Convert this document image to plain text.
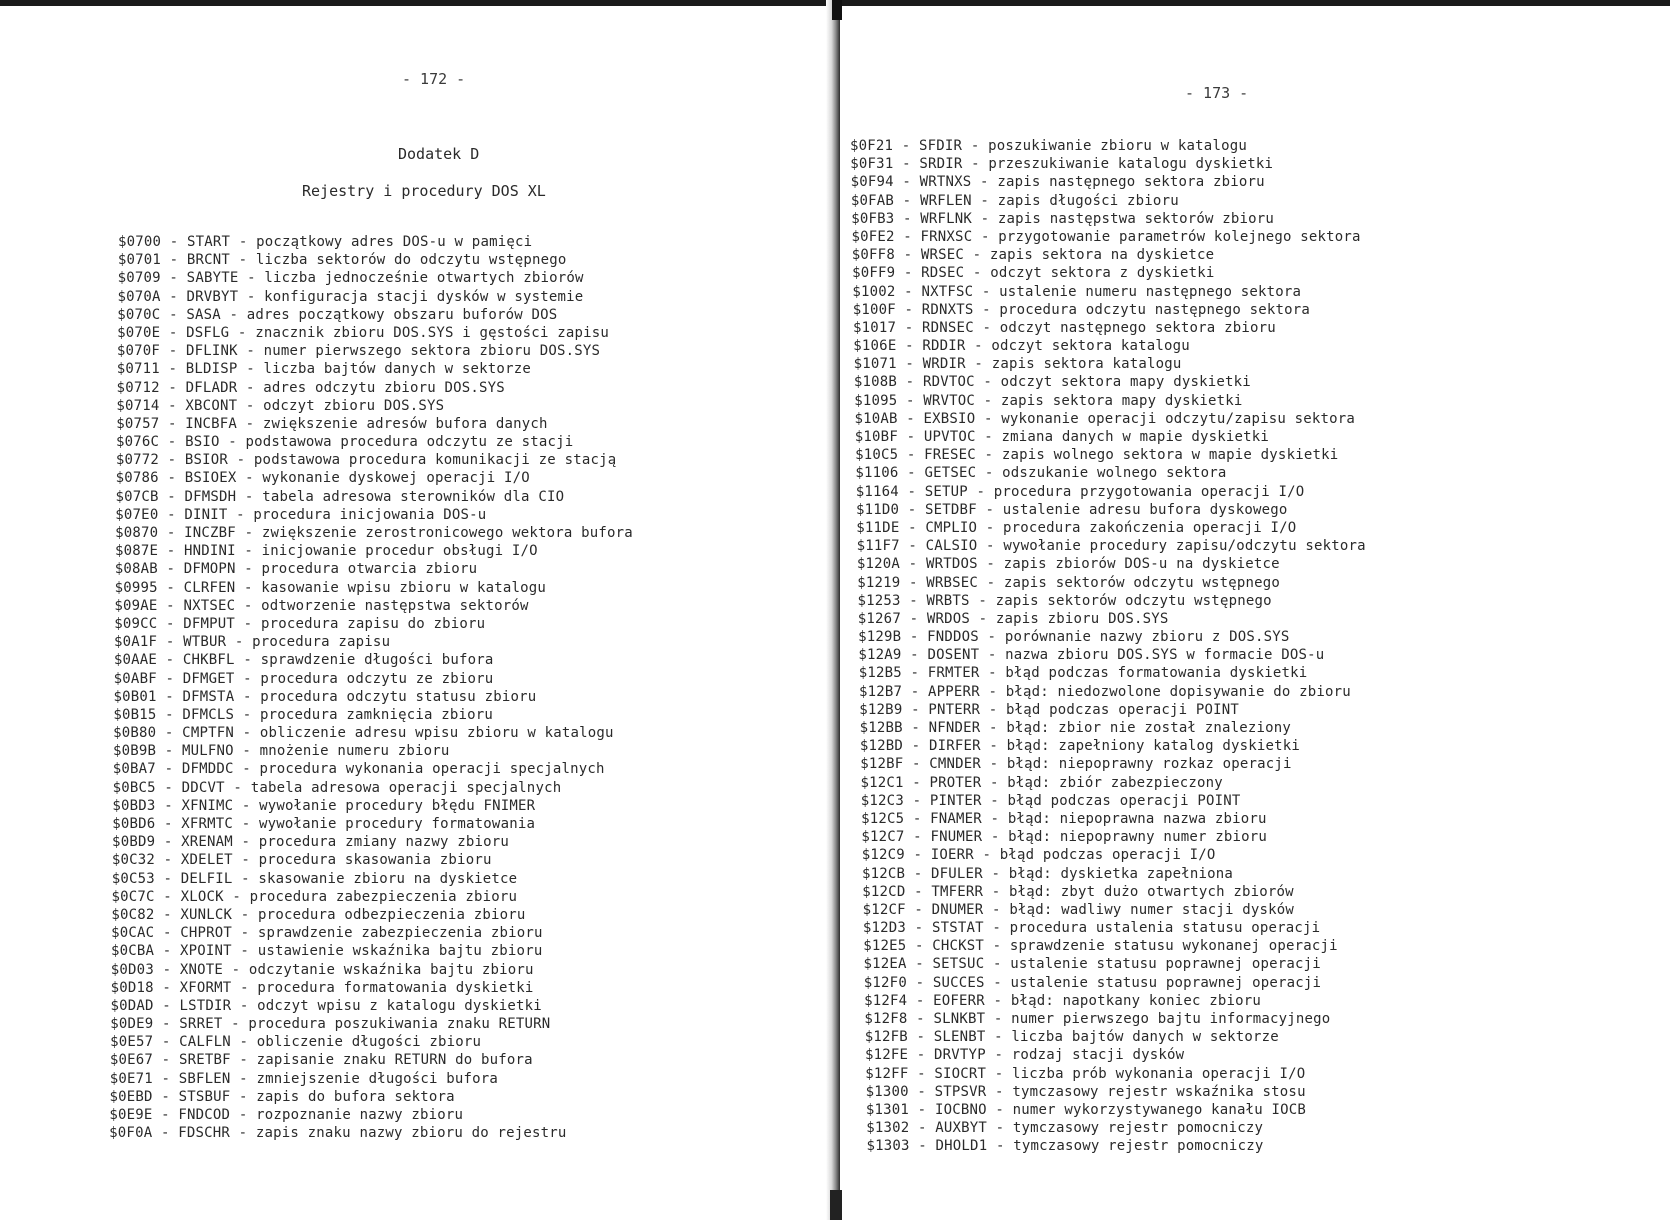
- 172 -
Dodatek D
Rejestry i procedury DOS XL
$0700 - START - początkowy adres DOS-u w pamięci
$0701 - BRCNT - liczba sektorów do odczytu wstępnego
$0709 - SABYTE - liczba jednocześnie otwartych zbiorów
$070A - DRVBYT - konfiguracja stacji dysków w systemie
$070C - SASA - adres początkowy obszaru buforów DOS
$070E - DSFLG - znacznik zbioru DOS.SYS i gęstości zapisu
$070F - DFLINK - numer pierwszego sektora zbioru DOS.SYS
$0711 - BLDISP - liczba bajtów danych w sektorze
$0712 - DFLADR - adres odczytu zbioru DOS.SYS
$0714 - XBCONT - odczyt zbioru DOS.SYS
$0757 - INCBFA - zwiększenie adresów bufora danych
$076C - BSIO - podstawowa procedura odczytu ze stacji
$0772 - BSIOR - podstawowa procedura komunikacji ze stacją
$0786 - BSIOEX - wykonanie dyskowej operacji I/O
$07CB - DFMSDH - tabela adresowa sterowników dla CIO
$07E0 - DINIT - procedura inicjowania DOS-u
$0870 - INCZBF - zwiększenie zerostronicowego wektora bufora
$087E - HNDINI - inicjowanie procedur obsługi I/O
$08AB - DFMOPN - procedura otwarcia zbioru
$0995 - CLRFEN - kasowanie wpisu zbioru w katalogu
$09AE - NXTSEC - odtworzenie następstwa sektorów
$09CC - DFMPUT - procedura zapisu do zbioru
$0A1F - WTBUR - procedura zapisu
$0AAE - CHKBFL - sprawdzenie długości bufora
$0ABF - DFMGET - procedura odczytu ze zbioru
$0B01 - DFMSTA - procedura odczytu statusu zbioru
$0B15 - DFMCLS - procedura zamknięcia zbioru
$0B80 - CMPTFN - obliczenie adresu wpisu zbioru w katalogu
$0B9B - MULFNO - mnożenie numeru zbioru
$0BA7 - DFMDDC - procedura wykonania operacji specjalnych
$0BC5 - DDCVT - tabela adresowa operacji specjalnych
$0BD3 - XFNIMC - wywołanie procedury błędu FNIMER
$0BD6 - XFRMTC - wywołanie procedury formatowania
$0BD9 - XRENAM - procedura zmiany nazwy zbioru
$0C32 - XDELET - procedura skasowania zbioru
$0C53 - DELFIL - skasowanie zbioru na dyskietce
$0C7C - XLOCK - procedura zabezpieczenia zbioru
$0C82 - XUNLCK - procedura odbezpieczenia zbioru
$0CAC - CHPROT - sprawdzenie zabezpieczenia zbioru
$0CBA - XPOINT - ustawienie wskaźnika bajtu zbioru
$0D03 - XNOTE - odczytanie wskaźnika bajtu zbioru
$0D18 - XFORMT - procedura formatowania dyskietki
$0DAD - LSTDIR - odczyt wpisu z katalogu dyskietki
$0DE9 - SRRET - procedura poszukiwania znaku RETURN
$0E57 - CALFLN - obliczenie długości zbioru
$0E67 - SRETBF - zapisanie znaku RETURN do bufora
$0E71 - SBFLEN - zmniejszenie długości bufora
$0EBD - STSBUF - zapis do bufora sektora
$0E9E - FNDCOD - rozpoznanie nazwy zbioru
$0F0A - FDSCHR - zapis znaku nazwy zbioru do rejestru
- 173 -
$0F21 - SFDIR - poszukiwanie zbioru w katalogu
$0F31 - SRDIR - przeszukiwanie katalogu dyskietki
$0F94 - WRTNXS - zapis następnego sektora zbioru
$0FAB - WRFLEN - zapis długości zbioru
$0FB3 - WRFLNK - zapis następstwa sektorów zbioru
$0FE2 - FRNXSC - przygotowanie parametrów kolejnego sektora
$0FF8 - WRSEC - zapis sektora na dyskietce
$0FF9 - RDSEC - odczyt sektora z dyskietki
$1002 - NXTFSC - ustalenie numeru następnego sektora
$100F - RDNXTS - procedura odczytu następnego sektora
$1017 - RDNSEC - odczyt następnego sektora zbioru
$106E - RDDIR - odczyt sektora katalogu
$1071 - WRDIR - zapis sektora katalogu
$108B - RDVTOC - odczyt sektora mapy dyskietki
$1095 - WRVTOC - zapis sektora mapy dyskietki
$10AB - EXBSIO - wykonanie operacji odczytu/zapisu sektora
$10BF - UPVTOC - zmiana danych w mapie dyskietki
$10C5 - FRESEC - zapis wolnego sektora w mapie dyskietki
$1106 - GETSEC - odszukanie wolnego sektora
$1164 - SETUP - procedura przygotowania operacji I/O
$11D0 - SETDBF - ustalenie adresu bufora dyskowego
$11DE - CMPLIO - procedura zakończenia operacji I/O
$11F7 - CALSIO - wywołanie procedury zapisu/odczytu sektora
$120A - WRTDOS - zapis zbiorów DOS-u na dyskietce
$1219 - WRBSEC - zapis sektorów odczytu wstępnego
$1253 - WRBTS - zapis sektorów odczytu wstępnego
$1267 - WRDOS - zapis zbioru DOS.SYS
$129B - FNDDOS - porównanie nazwy zbioru z DOS.SYS
$12A9 - DOSENT - nazwa zbioru DOS.SYS w formacie DOS-u
$12B5 - FRMTER - błąd podczas formatowania dyskietki
$12B7 - APPERR - błąd: niedozwolone dopisywanie do zbioru
$12B9 - PNTERR - błąd podczas operacji POINT
$12BB - NFNDER - błąd: zbior nie został znaleziony
$12BD - DIRFER - błąd: zapełniony katalog dyskietki
$12BF - CMNDER - błąd: niepoprawny rozkaz operacji
$12C1 - PROTER - błąd: zbiór zabezpieczony
$12C3 - PINTER - błąd podczas operacji POINT
$12C5 - FNAMER - błąd: niepoprawna nazwa zbioru
$12C7 - FNUMER - błąd: niepoprawny numer zbioru
$12C9 - IOERR - błąd podczas operacji I/O
$12CB - DFULER - błąd: dyskietka zapełniona
$12CD - TMFERR - błąd: zbyt dużo otwartych zbiorów
$12CF - DNUMER - błąd: wadliwy numer stacji dysków
$12D3 - STSTAT - procedura ustalenia statusu operacji
$12E5 - CHCKST - sprawdzenie statusu wykonanej operacji
$12EA - SETSUC - ustalenie statusu poprawnej operacji
$12F0 - SUCCES - ustalenie statusu poprawnej operacji
$12F4 - EOFERR - błąd: napotkany koniec zbioru
$12F8 - SLNKBT - numer pierwszego bajtu informacyjnego
$12FB - SLENBT - liczba bajtów danych w sektorze
$12FE - DRVTYP - rodzaj stacji dysków
$12FF - SIOCRT - liczba prób wykonania operacji I/O
$1300 - STPSVR - tymczasowy rejestr wskaźnika stosu
$1301 - IOCBNO - numer wykorzystywanego kanału IOCB
$1302 - AUXBYT - tymczasowy rejestr pomocniczy
$1303 - DHOLD1 - tymczasowy rejestr pomocniczy
